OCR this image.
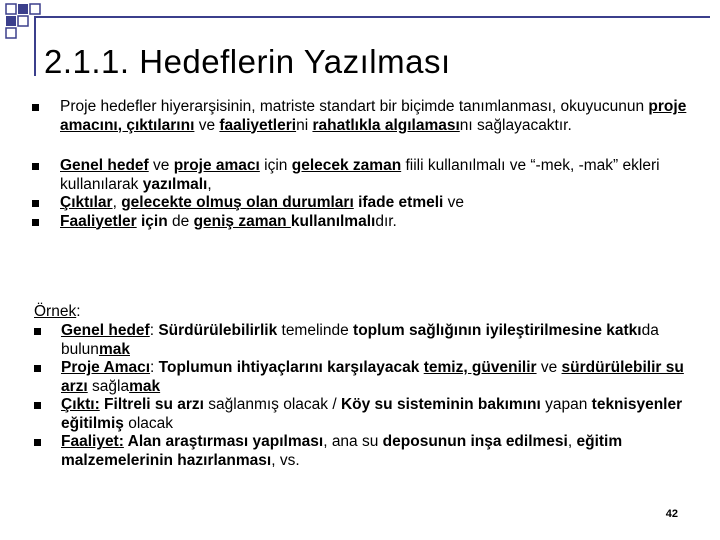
2.1.1. Hedeflerin Yazılması
Proje hedefler hiyerarşisinin, matriste standart bir biçimde tanımlanması, okuyucunun proje amacını, çıktılarını ve faaliyetlerini rahatlıkla algılamasını sağlayacaktır.
Genel hedef ve proje amacı için gelecek zaman fiili kullanılmalı ve “-mek, -mak” ekleri kullanılarak yazılmalı,
Çıktılar, gelecekte olmuş olan durumları ifade etmeli ve
Faaliyetler için de geniş zaman kullanılmalıdır.
Örnek:
Genel hedef: Sürdürülebilirlik temelinde toplum sağlığının iyileştirilmesine katkıda bulunmak
Proje Amacı: Toplumun ihtiyaçlarını karşılayacak temiz, güvenilir ve sürdürülebilir su arzı sağlamak
Çıktı: Filtreli su arzı sağlanmış olacak / Köy su sisteminin bakımını yapan teknisyenler eğitilmiş olacak
Faaliyet: Alan araştırması yapılması, ana su deposunun inşa edilmesi, eğitim malzemelerinin hazırlanması, vs.
42
